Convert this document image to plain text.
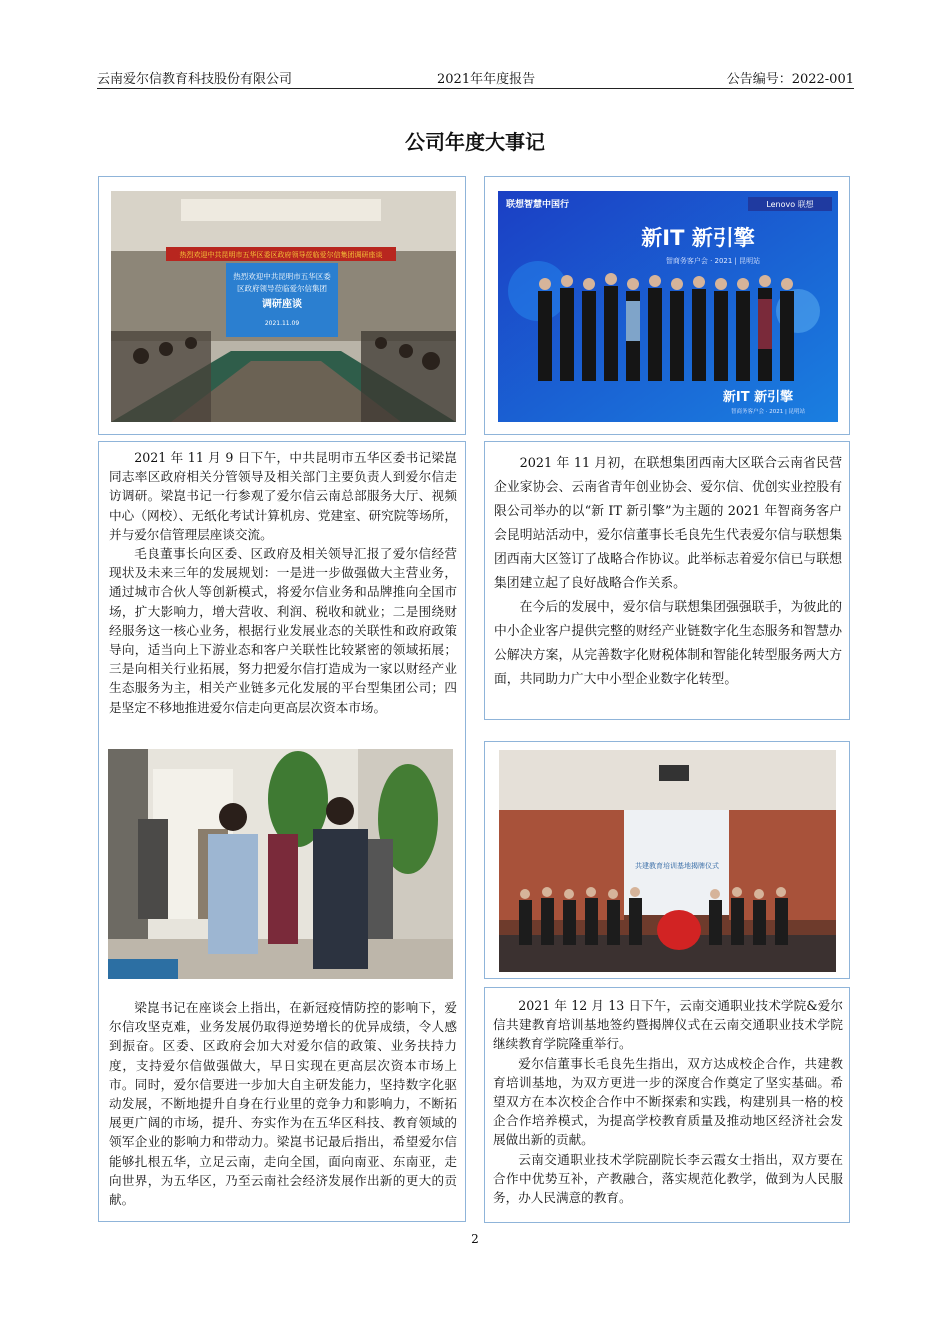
云南爱尔信教育科技股份有限公司	2021年年度报告	公告编号：2022-001
公司年度大事记
热烈欢迎中共昆明市五华区委区政府领导莅临爱尔信集团调研座谈
热烈欢迎中共昆明市五华区委
区政府领导莅临爱尔信集团
调研座谈
2021.11.09

2021 年 11 月 9 日下午，中共昆明市五华区委书记梁崑同志率区政府相关分管领导及相关部门主要负责人到爱尔信走访调研。梁崑书记一行参观了爱尔信云南总部服务大厅、视频中心（网校）、无纸化考试计算机房、党建室、研究院等场所，并与爱尔信管理层座谈交流。

毛良董事长向区委、区政府及相关领导汇报了爱尔信经营现状及未来三年的发展规划：一是进一步做强做大主营业务，通过城市合伙人等创新模式，将爱尔信业务和品牌推向全国市场，扩大影响力，增大营收、利润、税收和就业；二是围绕财经服务这一核心业务，根据行业发展业态的关联性和政府政策导向，适当向上下游业态和客户关联性比较紧密的领域拓展；三是向相关行业拓展，努力把爱尔信打造成为一家以财经产业生态服务为主，相关产业链多元化发展的平台型集团公司；四是坚定不移地推进爱尔信走向更高层次资本市场。

梁崑书记在座谈会上指出，在新冠疫情防控的影响下，爱尔信攻坚克难，业务发展仍取得逆势增长的优异成绩，令人感到振奋。区委、区政府会加大对爱尔信的政策、业务扶持力度，支持爱尔信做强做大，早日实现在更高层次资本市场上市。同时，爱尔信要进一步加大自主研发能力，坚持数字化驱动发展，不断地提升自身在行业里的竞争力和影响力，不断拓展更广阔的市场，提升、夯实作为在五华区科技、教育领域的领军企业的影响力和带动力。梁崑书记最后指出，希望爱尔信能够扎根五华，立足云南，走向全国，面向南亚、东南亚，走向世界，为五华区，乃至云南社会经济发展作出新的更大的贡献。

联想智慧中国行	Lenovo 联想
新IT 新引擎
智商务客户会 · 2021 | 昆明站
新IT 新引擎
智商务客户会 · 2021 | 昆明站

2021 年 11 月初，在联想集团西南大区联合云南省民营企业家协会、云南省青年创业协会、爱尔信、优创实业控股有限公司举办的以“新 IT 新引擎”为主题的 2021 年智商务客户会昆明站活动中，爱尔信董事长毛良先生代表爱尔信与联想集团西南大区签订了战略合作协议。此举标志着爱尔信已与联想集团建立起了良好战略合作关系。

在今后的发展中，爱尔信与联想集团强强联手，为彼此的中小企业客户提供完整的财经产业链数字化生态服务和智慧办公解决方案，从完善数字化财税体制和智能化转型服务两大方面，共同助力广大中小型企业数字化转型。

共建教育培训基地揭牌仪式

2021 年 12 月 13 日下午，云南交通职业技术学院&爱尔信共建教育培训基地签约暨揭牌仪式在云南交通职业技术学院继续教育学院隆重举行。

爱尔信董事长毛良先生指出，双方达成校企合作，共建教育培训基地，为双方更进一步的深度合作奠定了坚实基础。希望双方在本次校企合作中不断探索和实践，构建别具一格的校企合作培养模式，为提高学校教育质量及推动地区经济社会发展做出新的贡献。

云南交通职业技术学院副院长李云霞女士指出，双方要在合作中优势互补，产教融合，落实规范化教学，做到为人民服务，办人民满意的教育。

2
